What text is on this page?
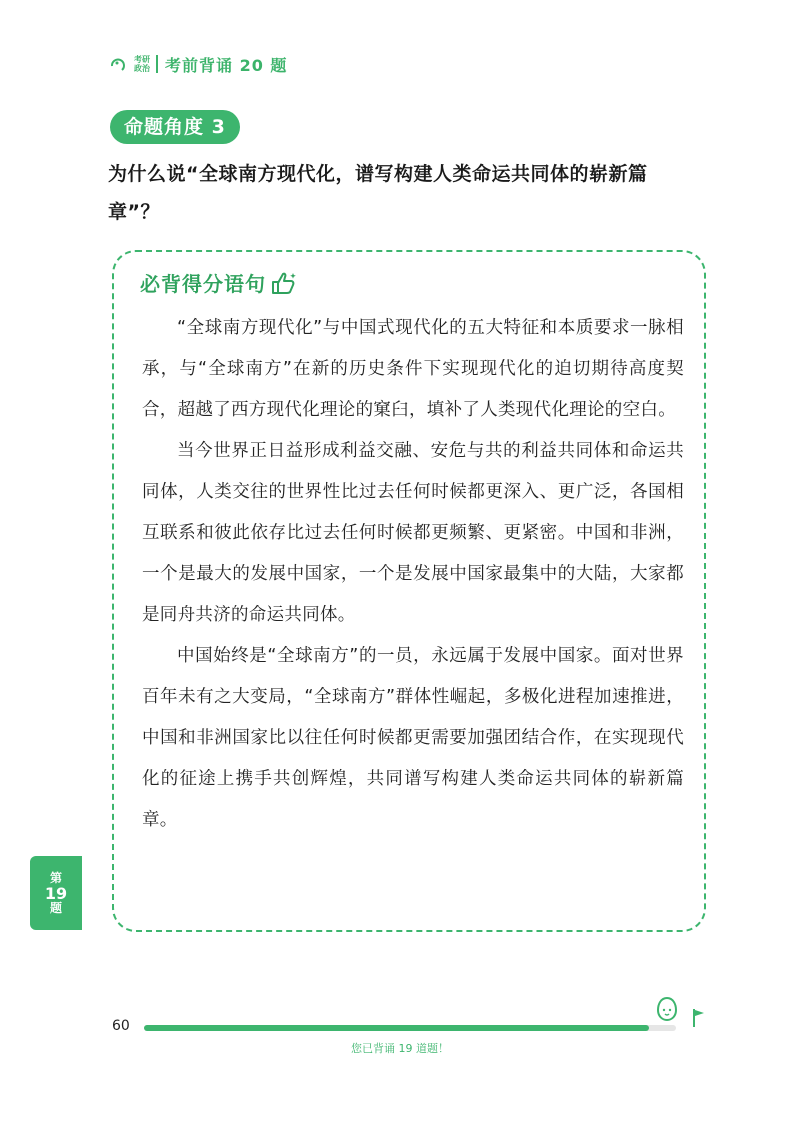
考研
政治 考前背诵 20 题
命题角度 3
为什么说“全球南方现代化，谱写构建人类命运共同体的崭新篇章”？
必背得分语句

“全球南方现代化”与中国式现代化的五大特征和本质要求一脉相承，与“全球南方”在新的历史条件下实现现代化的迫切期待高度契合，超越了西方现代化理论的窠臼，填补了人类现代化理论的空白。

当今世界正日益形成利益交融、安危与共的利益共同体和命运共同体，人类交往的世界性比过去任何时候都更深入、更广泛，各国相互联系和彼此依存比过去任何时候都更频繁、更紧密。中国和非洲，一个是最大的发展中国家，一个是发展中国家最集中的大陆，大家都是同舟共济的命运共同体。

中国始终是“全球南方”的一员，永远属于发展中国家。面对世界百年未有之大变局，“全球南方”群体性崛起，多极化进程加速推进，中国和非洲国家比以往任何时候都更需要加强团结合作，在实现现代化的征途上携手共创辉煌，共同谱写构建人类命运共同体的崭新篇章。

第
19
题
60
您已背诵 19 道题！
